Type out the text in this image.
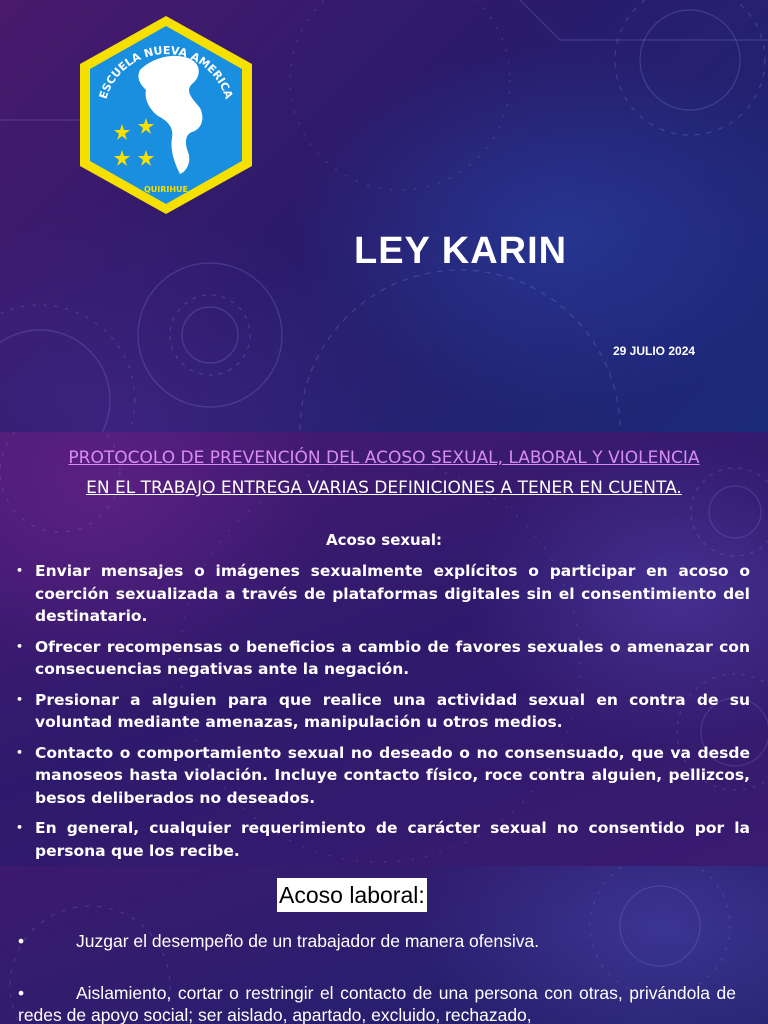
ESCUELA NUEVA AMERICA
QUIRIHUE
LEY KARIN
29 JULIO 2024
PROTOCOLO DE PREVENCIÓN DEL ACOSO SEXUAL, LABORAL Y VIOLENCIA
EN EL TRABAJO ENTREGA VARIAS DEFINICIONES A TENER EN CUENTA.
Acoso sexual:
• Enviar mensajes o imágenes sexualmente explícitos o participar en acoso o coerción sexualizada a través de plataformas digitales sin el consentimiento del destinatario.
• Ofrecer recompensas o beneficios a cambio de favores sexuales o amenazar con consecuencias negativas ante la negación.
• Presionar a alguien para que realice una actividad sexual en contra de su voluntad mediante amenazas, manipulación u otros medios.
• Contacto o comportamiento sexual no deseado o no consensuado, que va desde manoseos hasta violación. Incluye contacto físico, roce contra alguien, pellizcos, besos deliberados no deseados.
• En general, cualquier requerimiento de carácter sexual no consentido por la persona que los recibe.
Acoso laboral:
•	Juzgar el desempeño de un trabajador de manera ofensiva.
•	Aislamiento, cortar o restringir el contacto de una persona con otras, privándola de redes de apoyo social; ser aislado, apartado, excluido, rechazado,
